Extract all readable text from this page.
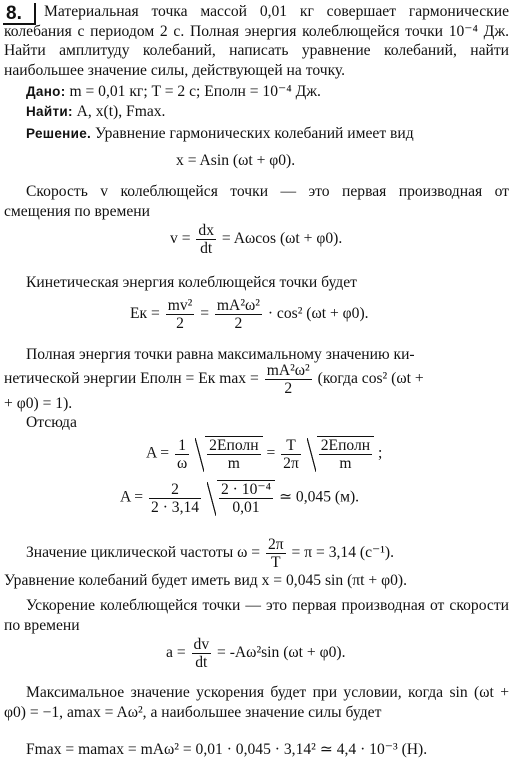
8.	Материальная точка массой 0,01 кг совершает гармонические колебания с периодом 2 с. Полная энергия колеблющейся точки 10⁻⁴ Дж. Найти амплитуду колебаний, написать уравнение колебаний, найти наибольшее значение силы, действующей на точку.
Дано: m = 0,01 кг; T = 2 с; Eполн = 10⁻⁴ Дж.
Найти: A, x(t), Fmax.
Решение. Уравнение гармонических колебаний имеет вид
x = Asin (ωt + φ0).
Скорость v колеблющейся точки — это первая производная от смещения по времени
$v = \frac{dx}{dt} = A\omega\cos$ (ωt + φ0).
Кинетическая энергия колеблющейся точки будет
Eк = $\frac{\text{mv²}}{2} = \frac{\text{mA²ω²}}{2} \cdot \cos^2$ (ωt + φ0).
Полная энергия точки равна максимальному значению ки-
нетической энергии Eполн = Eк $\max = \frac{\text{mA²ω²}}{2}$ (когда cos² (ωt +
+ φ0) = 1).
Отсюда
$A = \frac{1}{\omega}$
$\frac{\text{2Eполн}}{m} = \frac{T}{2\pi}$
$\frac{\text{2Eполн}}{m}$ ;
$A = \frac{2}{2 \cdot 3,14}$
$\frac{\text{2 · 10⁻⁴}}{0,01}$ ≃ 0,045 (м).
Значение циклической частоты $\omega = \frac{2\pi}{T} = \pi = 3,14$ (с⁻¹).
Уравнение колебаний будет иметь вид x = 0,045 sin (πt + φ0).
Ускорение колеблющейся точки — это первая производная от скорости по времени
$a = \frac{dv}{dt} = -A\omega^2\sin$ (ωt + φ0).
Максимальное значение ускорения будет при условии, когда sin (ωt + φ0) = −1, amax = Aω², а наибольшее значение силы будет
Fmax = mamax = mAω² = 0,01 · 0,045 · 3,14² ≃ 4,4 · 10⁻³ (Н).
